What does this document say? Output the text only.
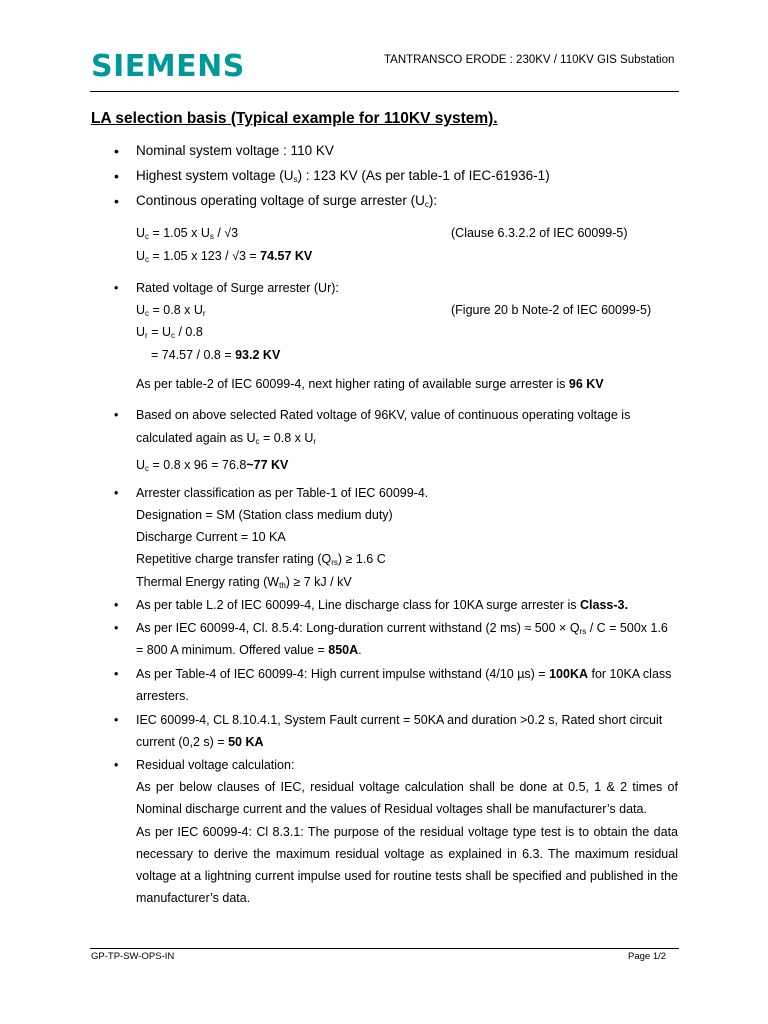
SIEMENS	TANTRANSCO ERODE : 230KV / 110KV GIS Substation
LA selection basis (Typical example for 110KV system).
• Nominal system voltage : 110 KV
• Highest system voltage $(U_s)$ : 123 KV (As per table-1 of IEC-61936-1)
• Continous operating voltage of surge arrester $(U_c)$:
$U_c = 1.05$ x $U_s / √3$	(Clause 6.3.2.2 of IEC 60099-5)
$U_c = 1.05$ x 123 / √3 = 74.57 KV
• Rated voltage of Surge arrester (Ur):
$U_c = 0.8$ x $U_r$	(Figure 20 b Note-2 of IEC 60099-5)
$U_r = U_c / 0.8$
= 74.57 / 0.8 = 93.2 KV
As per table-2 of IEC 60099-4, next higher rating of available surge arrester is 96 KV
• Based on above selected Rated voltage of 96KV, value of continuous operating voltage is
calculated again as $U_c = 0.8$ x $U_r$
$U_c = 0.8$ x 96 = 76.8~77 KV
• Arrester classification as per Table-1 of IEC 60099-4.
Designation = SM (Station class medium duty)
Discharge Current = 10 KA
Repetitive charge transfer rating $(Q_{rs}) \ge 1.6$ C
Thermal Energy rating $(W_{th}) \ge 7$ kJ / kV
• As per table L.2 of IEC 60099-4, Line discharge class for 10KA surge arrester is Class-3.
• As per IEC 60099-4, Cl. 8.5.4: Long-duration current withstand (2 $ms) \approx 500 \times Q_{rs} / C = 500x$ 1.6
= 800 A minimum. Offered value = 850A.
• As per Table-4 of IEC 60099-4: High current impulse withstand (4/10 µs) = 100KA for 10KA class
arresters.
• IEC 60099-4, CL 8.10.4.1, System Fault current = 50KA and duration >0.2 s, Rated short circuit
current (0,2 s) = 50 KA
• Residual voltage calculation:
As per below clauses of IEC, residual voltage calculation shall be done at 0.5, 1 & 2 times of
Nominal discharge current and the values of Residual voltages shall be manufacturer’s data.
As per IEC 60099-4: Cl 8.3.1: The purpose of the residual voltage type test is to obtain the data
necessary to derive the maximum residual voltage as explained in 6.3. The maximum residual
voltage at a lightning current impulse used for routine tests shall be specified and published in the
manufacturer’s data.
GP-TP-SW-OPS-IN	Page 1/2
